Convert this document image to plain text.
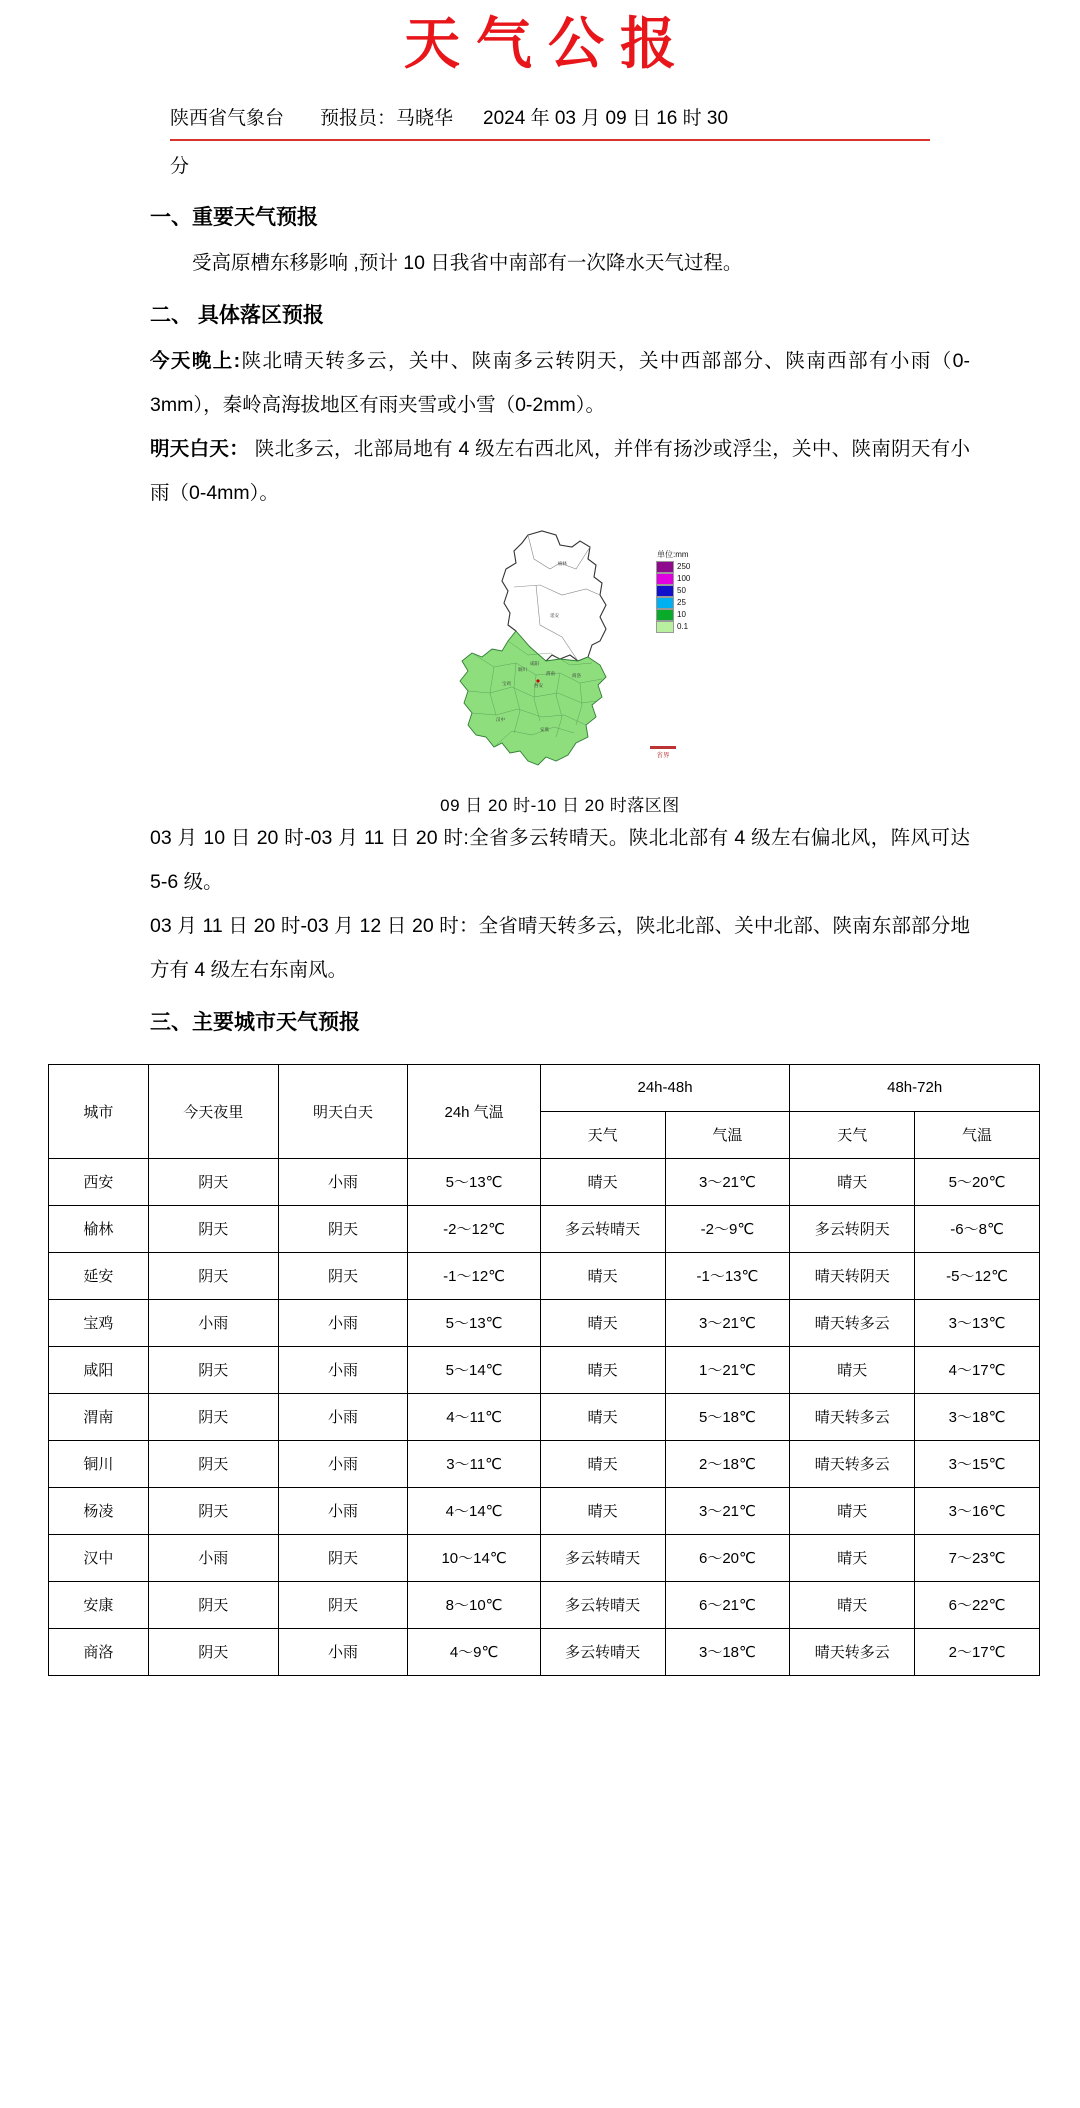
天气公报
陕西省气象台 预报员：马晓华 2024 年 03 月 09 日 16 时 30
分
一、重要天气预报

受高原槽东移影响 ,预计 10 日我省中南部有一次降水天气过程。

二、 具体落区预报

今天晚上:陕北晴天转多云，关中、陕南多云转阴天，关中西部部分、陕南西部有小雨（0-3mm），秦岭高海拔地区有雨夹雪或小雪（0-2mm）。

明天白天： 陕北多云，北部局地有 4 级左右西北风，并伴有扬沙或浮尘，关中、陕南阴天有小雨（0-4mm）。

榆林
延安
铜川
渭南
宝鸡
咸阳
西安
商洛
汉中
安康
单位:mm
250
100
50
25
10
0.1
省界
09 日 20 时-10 日 20 时落区图

03 月 10 日 20 时-03 月 11 日 20 时:全省多云转晴天。陕北北部有 4 级左右偏北风，阵风可达 5-6 级。

03 月 11 日 20 时-03 月 12 日 20 时：全省晴天转多云，陕北北部、关中北部、陕南东部部分地方有 4 级左右东南风。

三、主要城市天气预报
城市	今天夜里	明天白天	24h 气温	24h-48h		48h-72h	
				天气	气温	天气	气温
西安	阴天	小雨	5～13℃	晴天	3～21℃	晴天	5～20℃
榆林	阴天	阴天	-2～12℃	多云转晴天	-2～9℃	多云转阴天	-6～8℃
延安	阴天	阴天	-1～12℃	晴天	-1～13℃	晴天转阴天	-5～12℃
宝鸡	小雨	小雨	5～13℃	晴天	3～21℃	晴天转多云	3～13℃
咸阳	阴天	小雨	5～14℃	晴天	1～21℃	晴天	4～17℃
渭南	阴天	小雨	4～11℃	晴天	5～18℃	晴天转多云	3～18℃
铜川	阴天	小雨	3～11℃	晴天	2～18℃	晴天转多云	3～15℃
杨凌	阴天	小雨	4～14℃	晴天	3～21℃	晴天	3～16℃
汉中	小雨	阴天	10～14℃	多云转晴天	6～20℃	晴天	7～23℃
安康	阴天	阴天	8～10℃	多云转晴天	6～21℃	晴天	6～22℃
商洛	阴天	小雨	4～9℃	多云转晴天	3～18℃	晴天转多云	2～17℃
